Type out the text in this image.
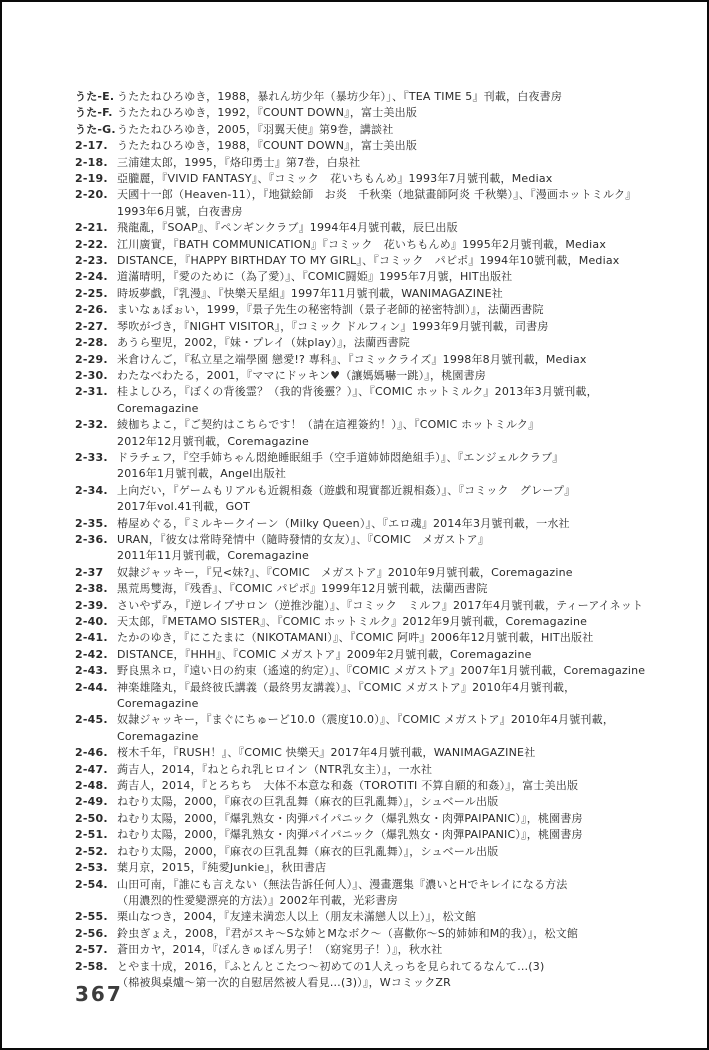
うた-E. うたたねひろゆき，1988，暴れん坊少年（暴坊少年）」、『TEA TIME 5』刊載，白夜書房
うた-F. うたたねひろゆき，1992，『COUNT DOWN』，富士美出版
うた-G. うたたねひろゆき，2005，『羽翼天使』第9巻，講談社
2-17. うたたねひろゆき，1988，『COUNT DOWN』，富士美出版
2-18. 三浦建太郎，1995，『烙印勇士』第7巻，白泉社
2-19. 亞朧麗，『VIVID FANTASY』、『コミック　花いちもんめ』1993年7月號刊載，Mediax
2-20. 天國十一郎（Heaven-11），『地獄絵師　お炎　千秋楽（地獄畫師阿炎 千秋樂）』、『漫画ホットミルク』
1993年6月號，白夜書房
2-21. 飛龍亂，『SOAP』、『ペンギンクラブ』1994年4月號刊載，辰巳出版
2-22. 江川廣實，『BATH COMMUNICATION』『コミック　花いちもんめ』1995年2月號刊載，Mediax
2-23. DISTANCE，『HAPPY BIRTHDAY TO MY GIRL』、『コミック　パピポ』1994年10號刊載，Mediax
2-24. 道滿晴明，『愛のために（為了愛）』、『COMIC闘姫』1995年7月號，HIT出版社
2-25. 時坂夢戯，『乳漫』、『快樂天星組』1997年11月號刊載，WANIMAGAZINE社
2-26. まいなぁぼぉい，1999，『景子先生の秘密特訓（景子老師的祕密特訓）』，法蘭西書院
2-27. 琴吹がづき，『NIGHT VISITOR』，『コミック ドルフィン』1993年9月號刊載，司書房
2-28. あうら聖児，2002，『妹・プレイ（妹play）』，法蘭西書院
2-29. 米倉けんご，『私立星之端學園 戀愛!? 專科』、『コミックライズ』1998年8月號刊載，Mediax
2-30. わたなべわたる，2001，『ママにドッキン♥（讓媽媽嚇一跳）』，桃園書房
2-31. 桂よしひろ，『ぼくの背後霊？（我的背後靈？）』、『COMIC ホットミルク』2013年3月號刊載，Coremagazine
2-32. 綾枷ちよこ，『ご契約はこちらです！（請在這裡簽約！）』、『COMIC ホットミルク』
2012年12月號刊載，Coremagazine
2-33. ドラチェフ，『空手姉ちゃん悶絶睡眠組手（空手道姉姉悶絶組手）』、『エンジェルクラブ』
2016年1月號刊載，Angel出版社
2-34. 上向だい，『ゲームもリアルも近親相姦（遊戯和現實都近親相姦）』、『コミック　グレープ』
2017年vol.41刊載，GOT
2-35. 椿屋めぐる，『ミルキークイーン（Milky Queen）』、『エロ魂』2014年3月號刊載，一水社
2-36. URAN，『彼女は常時発情中（隨時發情的女友）』、『COMIC　メガストア』
2011年11月號刊載，Coremagazine
2-37	奴隷ジャッキー，『兄<妹?』、『COMIC　メガストア』2010年9月號刊載，Coremagazine
2-38. 黑荒馬雙海，『残香』、『COMIC パピポ』1999年12月號刊載，法蘭西書院
2-39. さいやずみ，『逆レイプサロン（逆推沙龍）』、『コミック　ミルフ』2017年4月號刊載，ティーアイネット
2-40. 天太郎，『METAMO SISTER』、『COMIC ホットミルク』2012年9月號刊載，Coremagazine
2-41. たかのゆき，『にこたまに（NIKOTAMANI）』、『COMIC 阿吽』2006年12月號刊載，HIT出版社
2-42. DISTANCE，『HHH』、『COMIC メガストア』2009年2月號刊載，Coremagazine
2-43. 野良黒ネロ，『遠い日の約束（遙遠的約定）』、『COMIC メガストア』2007年1月號刊載，Coremagazine
2-44. 神楽雄隆丸，『最終彼氏講義（最終男友講義）』、『COMIC メガストア』2010年4月號刊載，Coremagazine
2-45. 奴隷ジャッキー，『まぐにちゅーど10.0（震度10.0）』、『COMIC メガストア』2010年4月號刊載，Coremagazine
2-46. 桜木千年，『RUSH！』、『COMIC 快樂天』2017年4月號刊載，WANIMAGAZINE社
2-47. 蒟吉人，2014，『ねとられ乳ヒロイン（NTR乳女主）』，一水社
2-48. 蒟吉人，2014，『とろちち　大体不本意な和姦（TOROTITI 不算自願的和姦）』，富士美出版
2-49. ねむり太陽，2000，『麻衣の巨乳乱舞（麻衣的巨乳亂舞）』，シュベール出版
2-50. ねむり太陽，2000，『爆乳熟女・肉弾パイパニック（爆乳熟女・肉彈PAIPANIC）』，桃園書房
2-51. ねむり太陽，2000，『爆乳熟女・肉弾パイパニック（爆乳熟女・肉彈PAIPANIC）』，桃園書房
2-52. ねむり太陽，2000，『麻衣の巨乳乱舞（麻衣的巨乳亂舞）』，シュベール出版
2-53. 葉月京，2015，『純愛Junkie』，秋田書店
2-54. 山田可南，『誰にも言えない（無法告訴任何人）』、漫畫選集『濃いとHでキレイになる方法
（用濃烈的性愛變漂亮的方法）』2002年刊載，光彩書房
2-55. 栗山なつき，2004，『友達未満恋人以上（朋友未滿戀人以上）』，松文館
2-56. 鈴虫ぎょえ，2008，『君がスキ〜Sな姉とMなボク〜（喜歡你〜S的姉姉和M的我）』，松文館
2-57. 蒼田カヤ，2014，『ぽんきゅぽん男子！（窈窕男子！）』，秋水社
2-58. とやま十成，2016，『ふとんとこたつ〜初めての1人えっちを見られてるなんて…(3)
（棉被與桌爐〜第一次的自慰居然被人看見…(3)）』，WコミックZR
367
